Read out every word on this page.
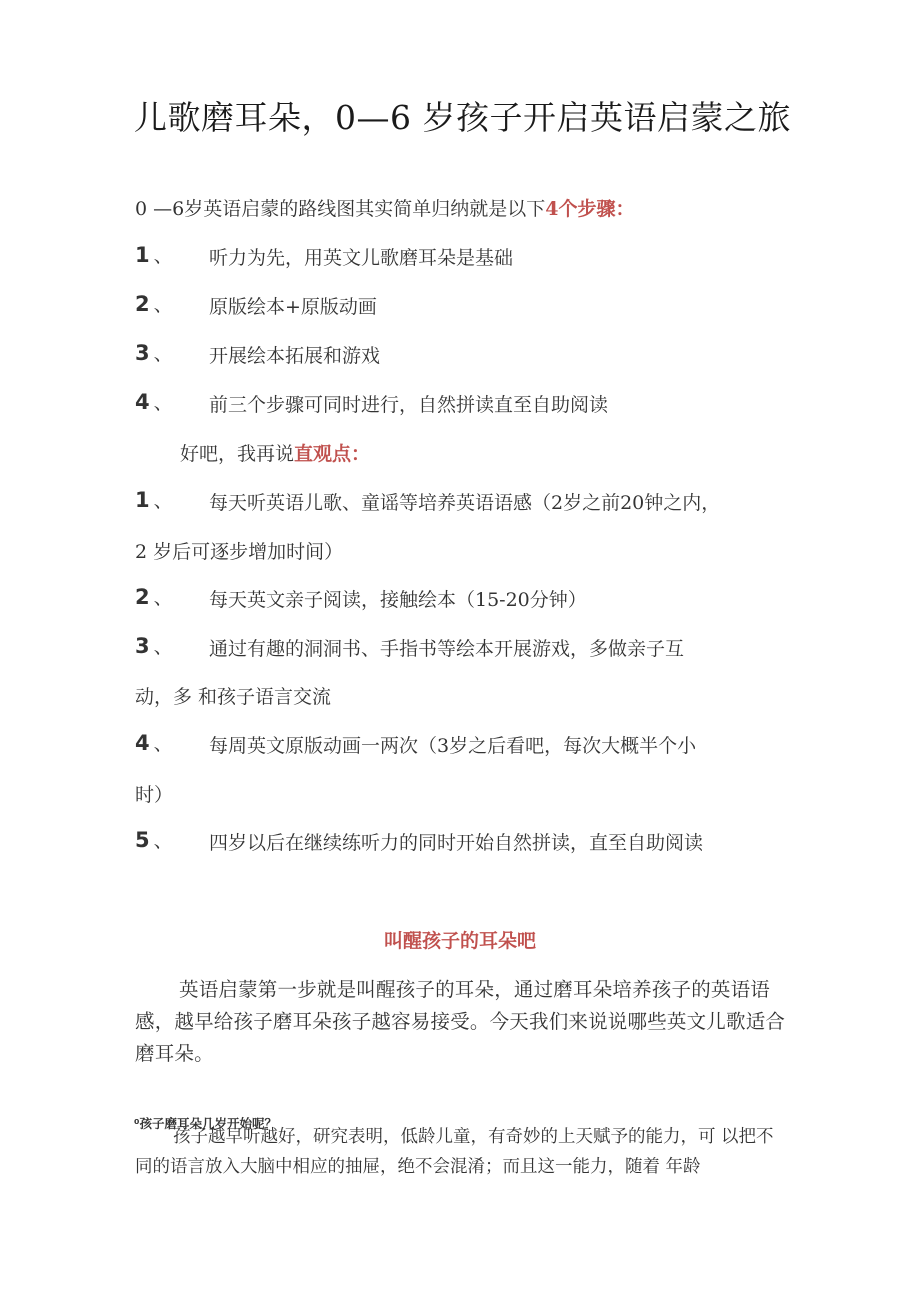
儿歌磨耳朵，0—6 岁孩子开启英语启蒙之旅
0 —6岁英语启蒙的路线图其实简单归纳就是以下4个步骤：
1 、 听力为先，用英文儿歌磨耳朵是基础
2 、 原版绘本+原版动画
3 、 开展绘本拓展和游戏
4 、 前三个步骤可同时进行，自然拼读直至自助阅读
好吧，我再说直观点：
1 、 每天听英语儿歌、童谣等培养英语语感（2岁之前20钟之内，
2 岁后可逐步增加时间）
2 、 每天英文亲子阅读，接触绘本（15-20分钟）
3 、 通过有趣的洞洞书、手指书等绘本开展游戏，多做亲子互
动，多 和孩子语言交流
4 、 每周英文原版动画一两次（3岁之后看吧，每次大概半个小
时）
5 、 四岁以后在继续练听力的同时开始自然拼读，直至自助阅读
叫醒孩子的耳朵吧
英语启蒙第一步就是叫醒孩子的耳朵，通过磨耳朵培养孩子的英语语感，越早给孩子磨耳朵孩子越容易接受。今天我们来说说哪些英文儿歌适合磨耳朵。
⁰孩子磨耳朵几岁开始呢？
孩子越早听越好，研究表明，低龄儿童，有奇妙的上天赋予的能力，可 以把不同的语言放入大脑中相应的抽屉，绝不会混淆；而且这一能力，随着 年龄
